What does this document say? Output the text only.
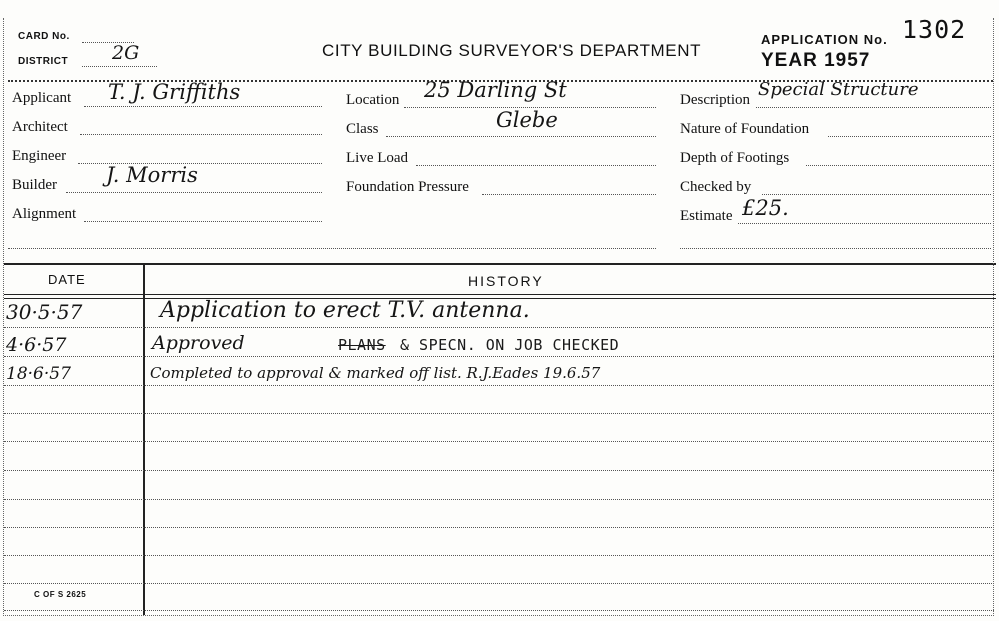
CARD No.
DISTRICT 2G	CITY BUILDING SURVEYOR'S DEPARTMENT
APPLICATION No. 1302
YEAR 1957
Applicant T. J. Griffiths
Architect
Engineer
Builder J. Morris
Alignment
Location 25 Darling St
Class	Glebe
Live Load
Foundation Pressure
Description Special Structure
Nature of Foundation
Depth of Footings
Checked by
Estimate £25.
DATE	HISTORY
30·5·57	Application to erect T.V. antenna.
4·6·57	Approved	PLANS & SPECN. ON JOB CHECKED
18·6·57	Completed to approval & marked off list. R.J.Eades 19.6.57
C OF S 2625
